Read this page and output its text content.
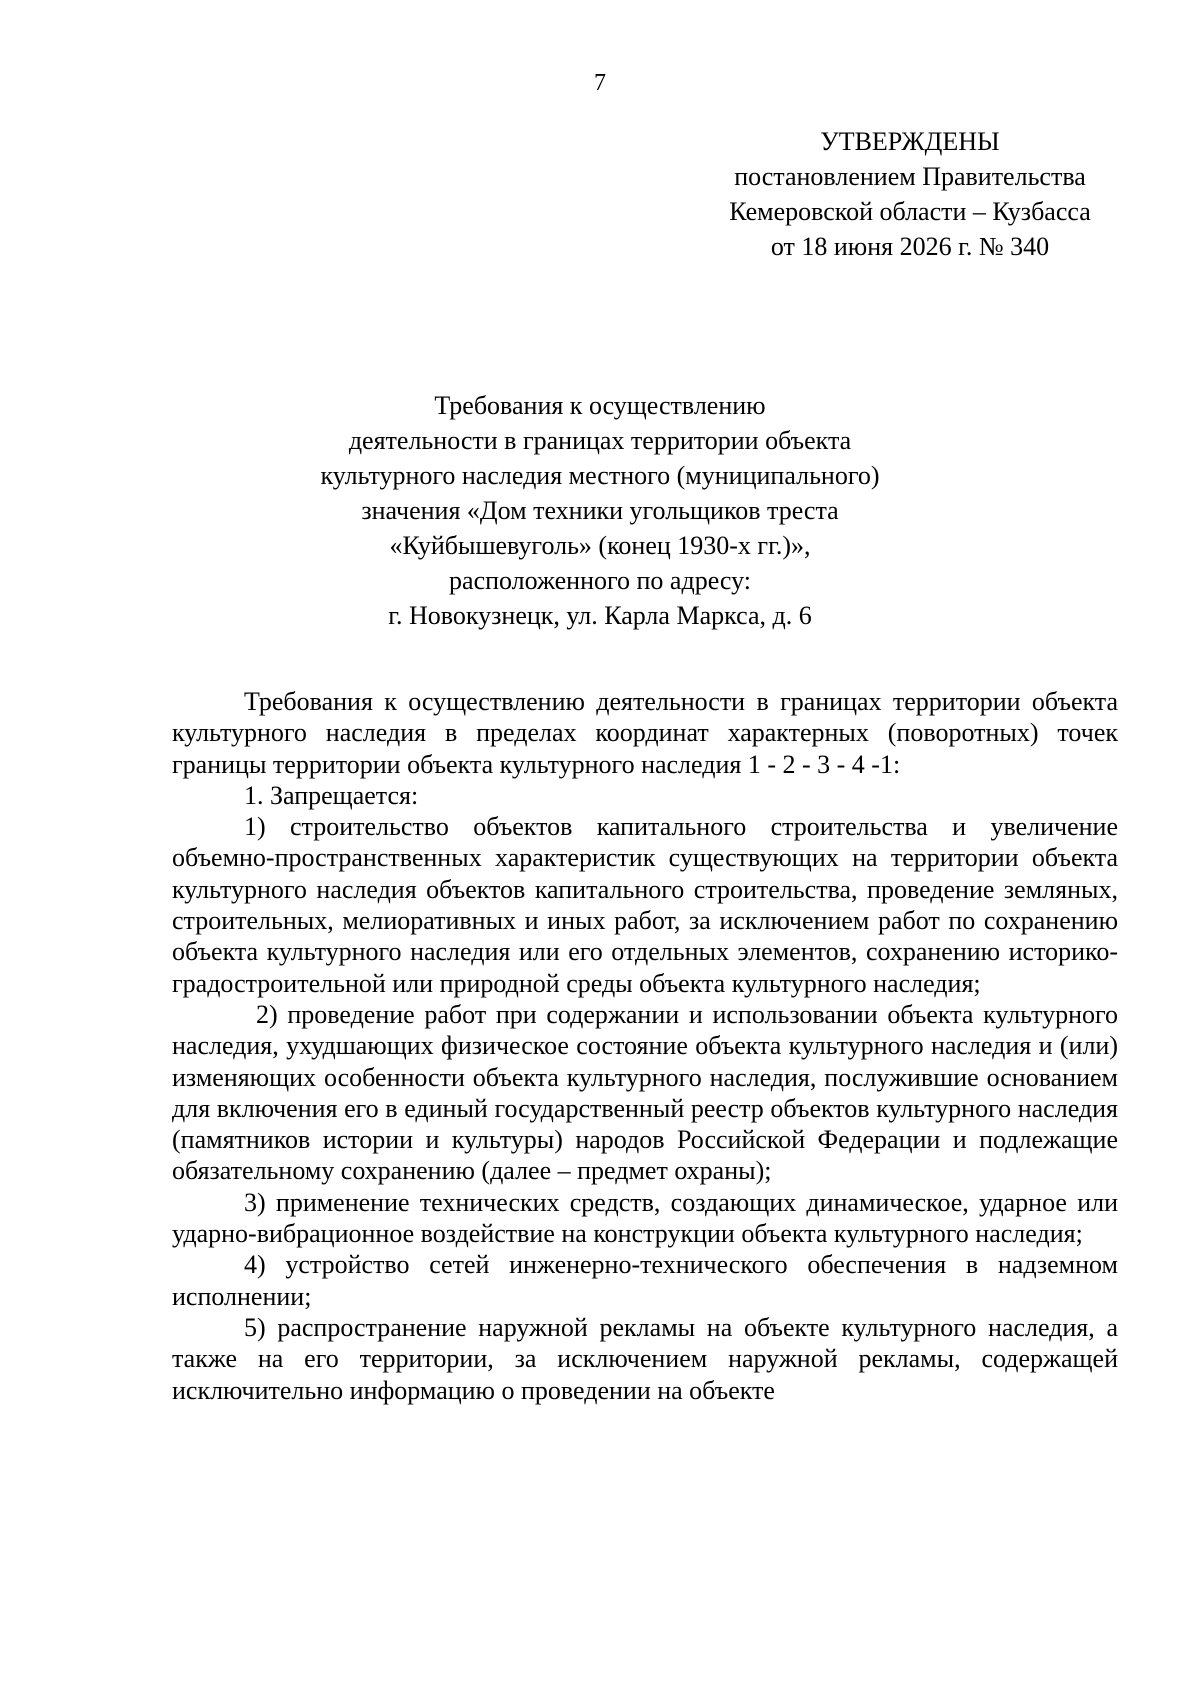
7
УТВЕРЖДЕНЫ
постановлением Правительства
Кемеровской области – Кузбасса
от 18 июня 2026 г. № 340
Требования к осуществлению
деятельности в границах территории объекта
культурного наследия местного (муниципального)
значения «Дом техники угольщиков треста
«Куйбышевуголь» (конец 1930-х гг.)»,
расположенного по адресу:
г. Новокузнецк, ул. Карла Маркса, д. 6

Требования к осуществлению деятельности в границах территории объекта культурного наследия в пределах координат характерных (поворотных) точек границы территории объекта культурного наследия 1 - 2 - 3 - 4 -1:

1. Запрещается:

1) строительство объектов капитального строительства и увеличение объемно-пространственных характеристик существующих на территории объекта культурного наследия объектов капитального строительства, проведение земляных, строительных, мелиоративных и иных работ, за исключением работ по сохранению объекта культурного наследия или его отдельных элементов, сохранению историко-градостроительной или природной среды объекта культурного наследия;

2) проведение работ при содержании и использовании объекта культурного наследия, ухудшающих физическое состояние объекта культурного наследия и (или) изменяющих особенности объекта культурного наследия, послужившие основанием для включения его в единый государственный реестр объектов культурного наследия (памятников истории и культуры) народов Российской Федерации и подлежащие обязательному сохранению (далее – предмет охраны);

3) применение технических средств, создающих динамическое, ударное или ударно-вибрационное воздействие на конструкции объекта культурного наследия;

4) устройство сетей инженерно-технического обеспечения в надземном исполнении;

5) распространение наружной рекламы на объекте культурного наследия, а также на его территории, за исключением наружной рекламы, содержащей исключительно информацию о проведении на объекте
